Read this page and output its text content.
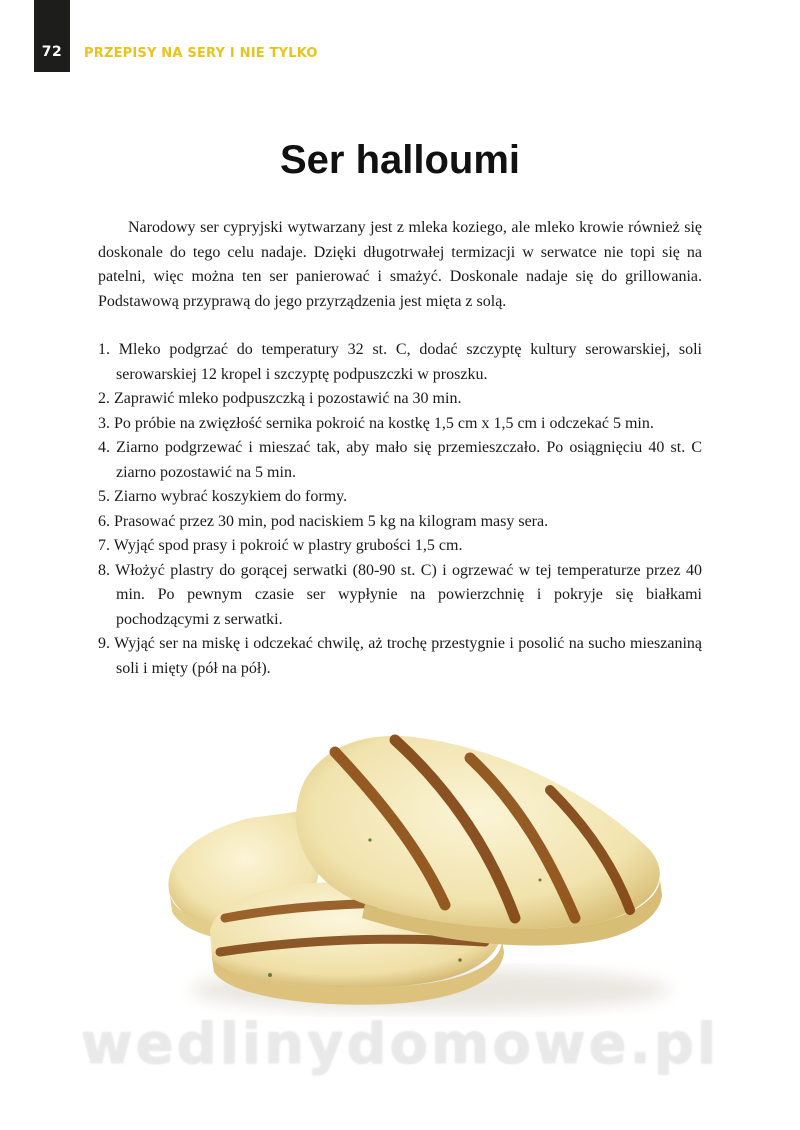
72	PRZEPISY NA SERY I NIE TYLKO
Ser halloumi

Narodowy ser cypryjski wytwarzany jest z mleka koziego, ale mleko krowie również się doskonale do tego celu nadaje. Dzięki długotrwałej termizacji w serwatce nie topi się na patelni, więc można ten ser panierować i smażyć. Doskonale nadaje się do grillowania. Podstawową przyprawą do jego przyrządzenia jest mięta z solą.

1. Mleko podgrzać do temperatury 32 st. C, dodać szczyptę kultury serowarskiej, soli serowarskiej 12 kropel i szczyptę podpuszczki w proszku.
2. Zaprawić mleko podpuszczką i pozostawić na 30 min.
3. Po próbie na zwięzłość sernika pokroić na kostkę 1,5 cm x 1,5 cm i odczekać 5 min.
4. Ziarno podgrzewać i mieszać tak, aby mało się przemieszczało. Po osiągnięciu 40 st. C ziarno pozostawić na 5 min.
5. Ziarno wybrać koszykiem do formy.
6. Prasować przez 30 min, pod naciskiem 5 kg na kilogram masy sera.
7. Wyjąć spod prasy i pokroić w plastry grubości 1,5 cm.
8. Włożyć plastry do gorącej serwatki (80-90 st. C) i ogrzewać w tej temperaturze przez 40 min. Po pewnym czasie ser wypłynie na powierzchnię i pokryje się białkami pochodzącymi z serwatki.
9. Wyjąć ser na miskę i odczekać chwilę, aż trochę przestygnie i posolić na sucho mieszaniną soli i mięty (pół na pół).
wedlinydomowe.pl
